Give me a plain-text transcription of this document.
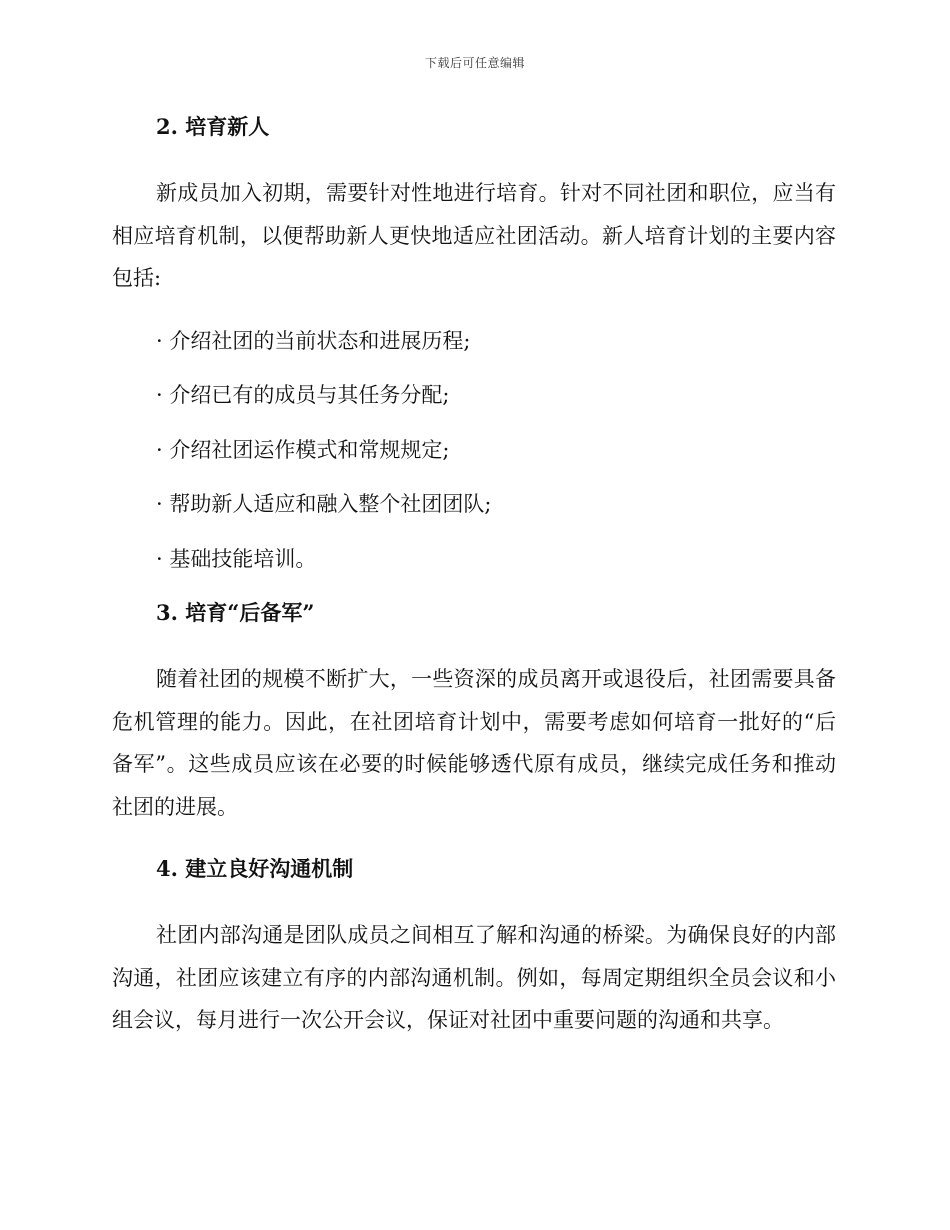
下载后可任意编辑
2. 培育新人

新成员加入初期，需要针对性地进行培育。针对不同社团和职位，应当有相应培育机制，以便帮助新人更快地适应社团活动。新人培育计划的主要内容包括:

· 介绍社团的当前状态和进展历程;
· 介绍已有的成员与其任务分配;
· 介绍社团运作模式和常规规定;
· 帮助新人适应和融入整个社团团队;
· 基础技能培训。
3. 培育“后备军”

随着社团的规模不断扩大，一些资深的成员离开或退役后，社团需要具备危机管理的能力。因此，在社团培育计划中，需要考虑如何培育一批好的“后备军”。这些成员应该在必要的时候能够透代原有成员，继续完成任务和推动社团的进展。

4. 建立良好沟通机制

社团内部沟通是团队成员之间相互了解和沟通的桥梁。为确保良好的内部沟通，社团应该建立有序的内部沟通机制。例如，每周定期组织全员会议和小组会议，每月进行一次公开会议，保证对社团中重要问题的沟通和共享。
